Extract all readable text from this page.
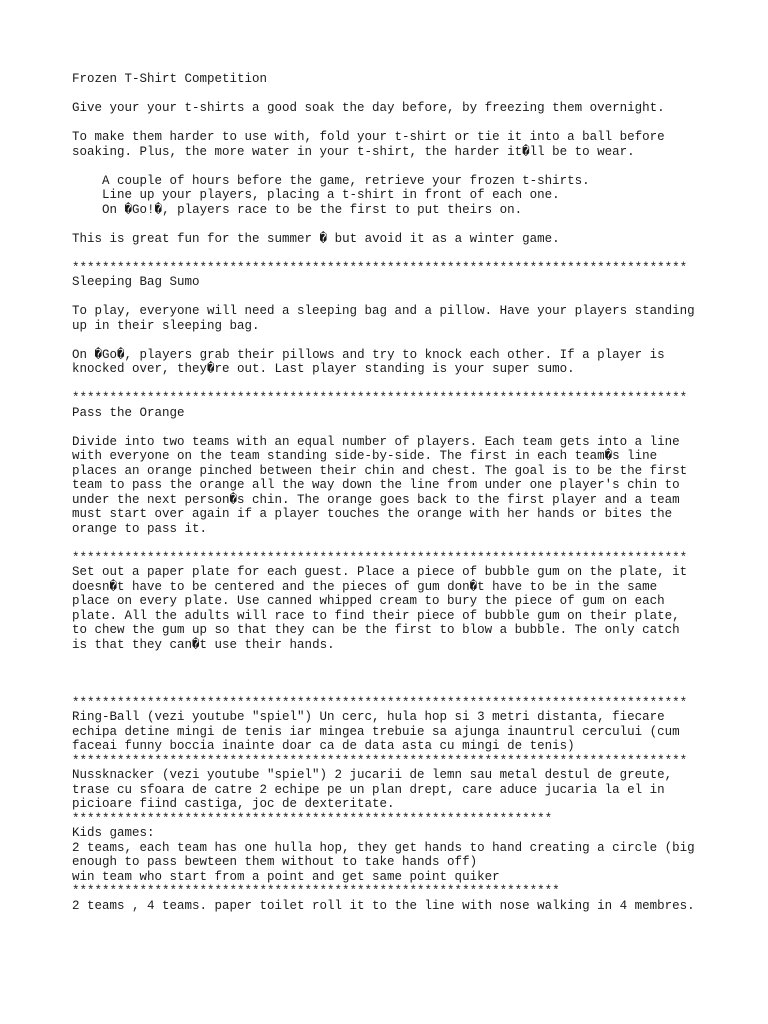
Frozen T-Shirt Competition
Give your your t-shirts a good soak the day before, by freezing them overnight.
To make them harder to use with, fold your t-shirt or tie it into a ball before
soaking. Plus, the more water in your t-shirt, the harder it�ll be to wear.
A couple of hours before the game, retrieve your frozen t-shirts.
Line up your players, placing a t-shirt in front of each one.
On �Go!�, players race to be the first to put theirs on.
This is great fun for the summer � but avoid it as a winter game.
**********************************************************************************
Sleeping Bag Sumo
To play, everyone will need a sleeping bag and a pillow. Have your players standing
up in their sleeping bag.
On �Go�, players grab their pillows and try to knock each other. If a player is
knocked over, they�re out. Last player standing is your super sumo.
**********************************************************************************
Pass the Orange
Divide into two teams with an equal number of players. Each team gets into a line
with everyone on the team standing side-by-side. The first in each team�s line
places an orange pinched between their chin and chest. The goal is to be the first
team to pass the orange all the way down the line from under one player's chin to
under the next person�s chin. The orange goes back to the first player and a team
must start over again if a player touches the orange with her hands or bites the
orange to pass it.
**********************************************************************************
Set out a paper plate for each guest. Place a piece of bubble gum on the plate, it
doesn�t have to be centered and the pieces of gum don�t have to be in the same
place on every plate. Use canned whipped cream to bury the piece of gum on each
plate. All the adults will race to find their piece of bubble gum on their plate,
to chew the gum up so that they can be the first to blow a bubble. The only catch
is that they can�t use their hands.
**********************************************************************************
Ring-Ball (vezi youtube "spiel") Un cerc, hula hop si 3 metri distanta, fiecare
echipa detine mingi de tenis iar mingea trebuie sa ajunga inauntrul cercului (cum
faceai funny boccia inainte doar ca de data asta cu mingi de tenis)
**********************************************************************************
Nussknacker (vezi youtube "spiel") 2 jucarii de lemn sau metal destul de greute,
trase cu sfoara de catre 2 echipe pe un plan drept, care aduce jucaria la el in
picioare fiind castiga, joc de dexteritate.
****************************************************************
Kids games:
2 teams, each team has one hulla hop, they get hands to hand creating a circle (big
enough to pass bewteen them without to take hands off)
win team who start from a point and get same point quiker
*****************************************************************
2 teams , 4 teams. paper toilet roll it to the line with nose walking in 4 membres.
